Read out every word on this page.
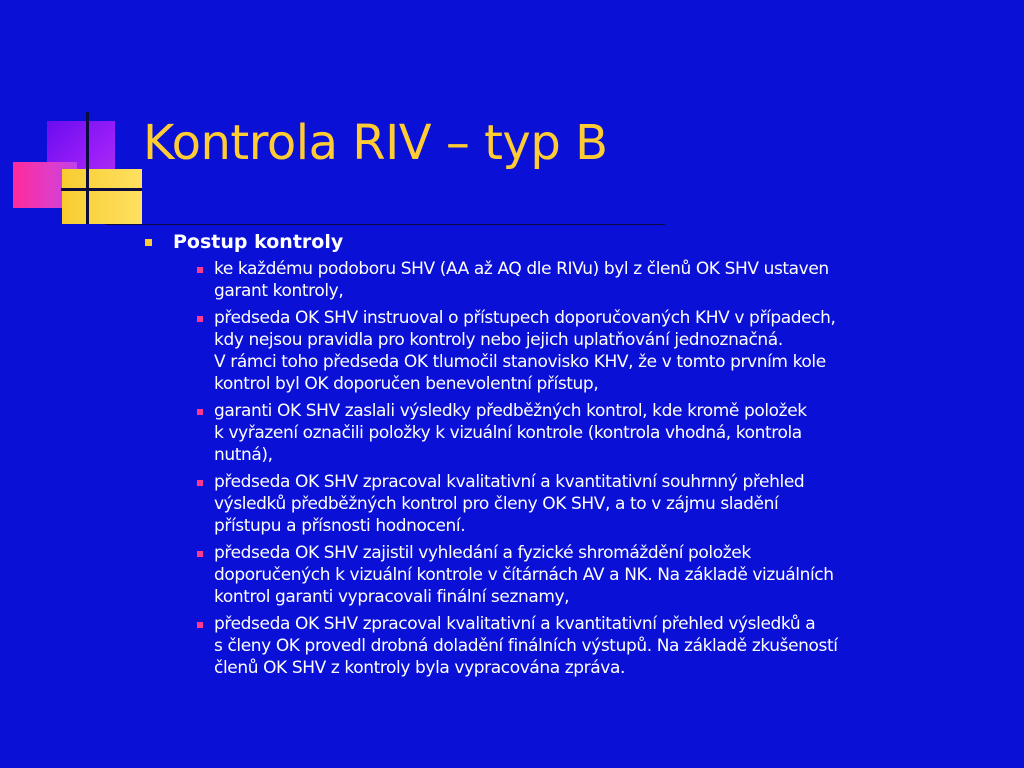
Kontrola RIV – typ B
Postup kontroly
ke každému podoboru SHV (AA až AQ dle RIVu) byl z členů OK SHV ustaven
garant kontroly,
předseda OK SHV instruoval o přístupech doporučovaných KHV v případech,
kdy nejsou pravidla pro kontroly nebo jejich uplatňování jednoznačná.
V rámci toho předseda OK tlumočil stanovisko KHV, že v tomto prvním kole
kontrol byl OK doporučen benevolentní přístup,
garanti OK SHV zaslali výsledky předběžných kontrol, kde kromě položek
k vyřazení označili položky k vizuální kontrole (kontrola vhodná, kontrola
nutná),
předseda OK SHV zpracoval kvalitativní a kvantitativní souhrnný přehled
výsledků předběžných kontrol pro členy OK SHV, a to v zájmu sladění
přístupu a přísnosti hodnocení.
předseda OK SHV zajistil vyhledání a fyzické shromáždění položek
doporučených k vizuální kontrole v čítárnách AV a NK. Na základě vizuálních
kontrol garanti vypracovali finální seznamy,
předseda OK SHV zpracoval kvalitativní a kvantitativní přehled výsledků a
s členy OK provedl drobná doladění finálních výstupů. Na základě zkušeností
členů OK SHV z kontroly byla vypracována zpráva.
